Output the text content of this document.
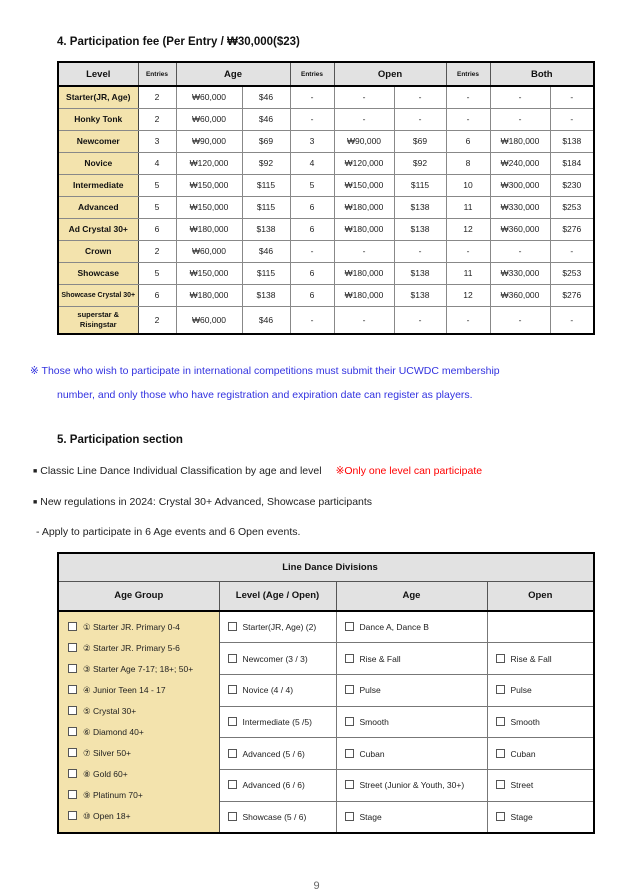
4. Participation fee (Per Entry / ₩30,000($23)
Level	Entries	Age		Entries	Open		Entries	Both	
Starter(JR, Age)	2	₩60,000	$46	-	-	-	-	-	-
Honky Tonk	2	₩60,000	$46	-	-	-	-	-	-
Newcomer	3	₩90,000	$69	3	₩90,000	$69	6	₩180,000	$138
Novice	4	₩120,000	$92	4	₩120,000	$92	8	₩240,000	$184
Intermediate	5	₩150,000	$115	5	₩150,000	$115	10	₩300,000	$230
Advanced	5	₩150,000	$115	6	₩180,000	$138	11	₩330,000	$253
Ad Crystal 30+	6	₩180,000	$138	6	₩180,000	$138	12	₩360,000	$276
Crown	2	₩60,000	$46	-	-	-	-	-	-
Showcase	5	₩150,000	$115	6	₩180,000	$138	11	₩330,000	$253
Showcase Crystal 30+	6	₩180,000	$138	6	₩180,000	$138	12	₩360,000	$276
superstar & Risingstar	2	₩60,000	$46	-	-	-	-	-	-
※ Those who wish to participate in international competitions must submit their UCWDC membership
number, and only those who have registration and expiration date can register as players.
5. Participation section
■ Classic Line Dance Individual Classification by age and level ※Only one level can participate
■ New regulations in 2024: Crystal 30+ Advanced, Showcase participants
- Apply to participate in 6 Age events and 6 Open events.
Line Dance Divisions			
Age Group	Level (Age / Open)	Age	Open

① Starter JR. Primary 0-4
② Starter JR. Primary 5-6
③ Starter Age 7-17; 18+; 50+
④ Junior Teen 14 - 17
⑤ Crystal 30+
⑥ Diamond 40+
⑦ Silver 50+
⑧ Gold 60+
⑨ Platinum 70+
⑩ Open 18+
	Starter(JR, Age) (2)	Dance A, Dance B	
	Newcomer (3 / 3)	Rise & Fall	Rise & Fall
	Novice (4 / 4)	Pulse	Pulse
	Intermediate (5 /5)	Smooth	Smooth
	Advanced (5 / 6)	Cuban	Cuban
	Advanced (6 / 6)	Street (Junior & Youth, 30+)	Street
	Showcase (5 / 6)	Stage	Stage
9
